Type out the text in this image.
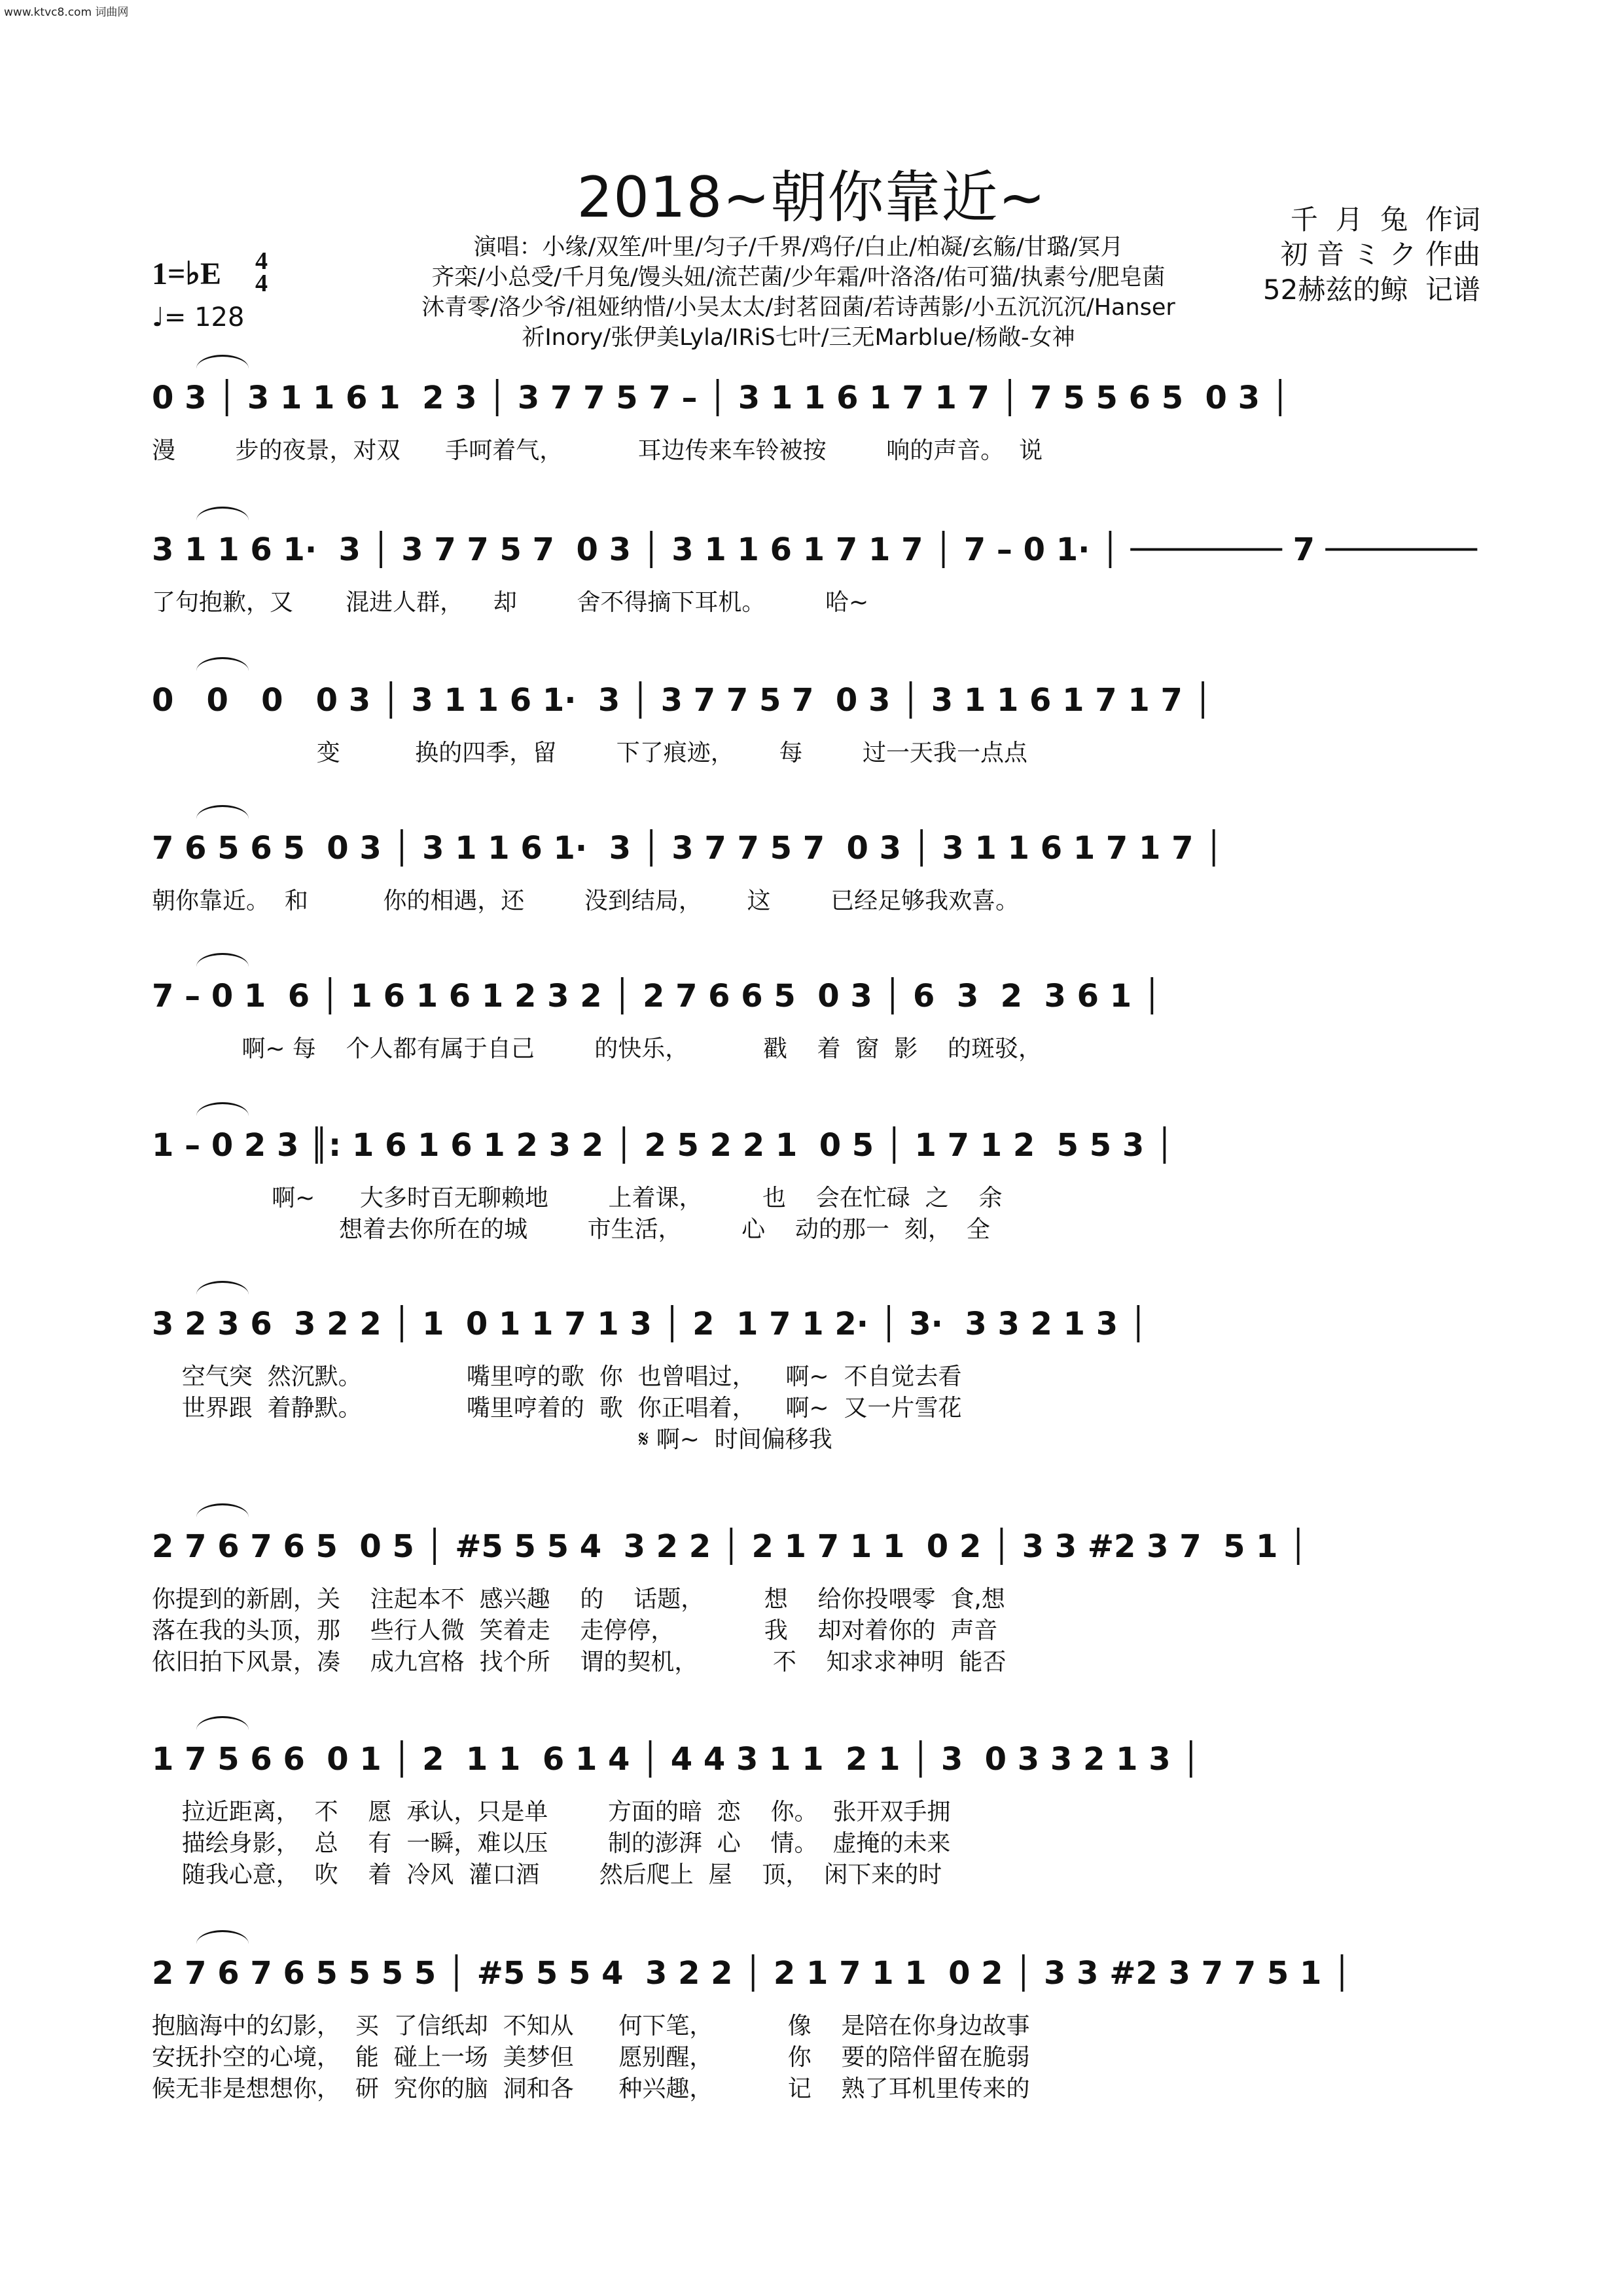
www.ktvc8.com 词曲网
2018~朝你靠近~	千  月  兔  作词
初 音 ミ ク 作曲
52赫兹的鲸  记谱
演唱：小缘/双笙/叶里/匀子/千界/鸡仔/白止/柏凝/玄觞/甘璐/冥月
齐栾/小总受/千月兔/馒头妞/流芒菌/少年霜/叶洛洛/佑可猫/执素兮/肥皂菌
沐青零/洛少爷/祖娅纳惜/小吴太太/封茗囧菌/若诗茜影/小五沉沉沉/Hanser
祈Inory/张伊美Lyla/IRiS七叶/三无Marblue/杨敞-女神
1=♭E 4
4
♩= 128
0 3 │ 3 1 1 6 1  2 3 │ 3 7 7 5 7 – │ 3 1 1 6 1 7 1 7 │ 7 5 5 6 5  0 3 │
漫        步的夜景，对双      手呵着气，          耳边传来车铃被按        响的声音。  说
3 1 1 6 1·  3 │ 3 7 7 5 7  0 3 │ 3 1 1 6 1 7 1 7 │ 7 – 0 1· │ ──────── 7 ────────
了句抱歉，又       混进人群，    却        舍不得摘下耳机。        哈~
0   0   0   0 3 │ 3 1 1 6 1·  3 │ 3 7 7 5 7  0 3 │ 3 1 1 6 1 7 1 7 │
变          换的四季，留        下了痕迹，      每        过一天我一点点
7 6 5 6 5  0 3 │ 3 1 1 6 1·  3 │ 3 7 7 5 7  0 3 │ 3 1 1 6 1 7 1 7 │
朝你靠近。  和          你的相遇，还        没到结局，      这        已经足够我欢喜。
7 – 0 1  6 │ 1 6 1 6 1 2 3 2 │ 2 7 6 6 5  0 3 │ 6  3  2  3 6 1 │
啊~ 每    个人都有属于自己        的快乐，          戳    着  窗  影    的斑驳，
1 – 0 2 3 ║: 1 6 1 6 1 2 3 2 │ 2 5 2 2 1  0 5 │ 1 7 1 2  5 5 3 │
啊~      大多时百无聊赖地        上着课，        也    会在忙碌  之    余
想着去你所在的城        市生活，        心    动的那一  刻，  全
3 2 3 6  3 2 2 │ 1  0 1 1 7 1 3 │ 2  1 7 1 2· │ 3·  3 3 2 1 3 │
空气突  然沉默。              嘴里哼的歌  你  也曾唱过，    啊~  不自觉去看
世界跟  着静默。              嘴里哼着的  歌  你正唱着，    啊~  又一片雪花
𝄋 啊~  时间偏移我
2 7 6 7 6 5  0 5 │ #5 5 5 4  3 2 2 │ 2 1 7 1 1  0 2 │ 3 3 #2 3 7  5 1 │
你提到的新剧，关    注起本不  感兴趣    的    话题，        想    给你投喂零  食,想
落在我的头顶，那    些行人微  笑着走    走停停，            我    却对着你的  声音
依旧拍下风景，凑    成九宫格  找个所    谓的契机，          不    知求求神明  能否
1 7 5 6 6  0 1 │ 2  1 1  6 1 4 │ 4 4 3 1 1  2 1 │ 3  0 3 3 2 1 3 │
拉近距离，  不    愿  承认，只是单        方面的暗  恋    你。  张开双手拥
描绘身影，  总    有  一瞬，难以压        制的澎湃  心    情。  虚掩的未来
随我心意，  吹    着  冷风  灌口酒        然后爬上  屋    顶，  闲下来的时
2 7 6 7 6 5 5 5 5 │ #5 5 5 4  3 2 2 │ 2 1 7 1 1  0 2 │ 3 3 #2 3 7 7 5 1 │
抱脑海中的幻影，  买  了信纸却  不知从      何下笔，          像    是陪在你身边故事
安抚扑空的心境，  能  碰上一场  美梦但      愿别醒，          你    要的陪伴留在脆弱
候无非是想想你，  研  究你的脑  洞和各      种兴趣，          记    熟了耳机里传来的
